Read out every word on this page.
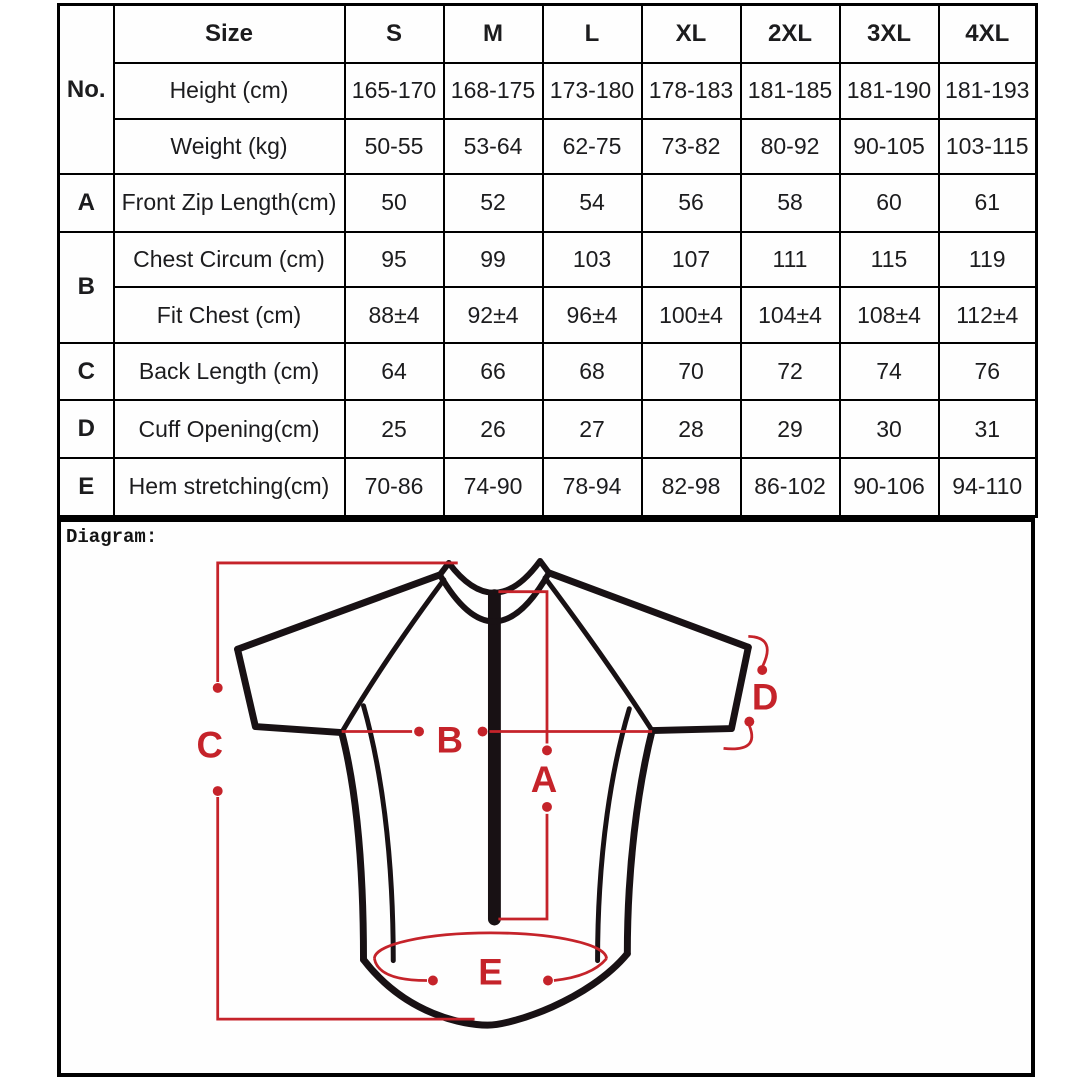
No.	Size	S	M	L	XL	2XL	3XL	4XL
	Height (cm)	165-170	168-175	173-180	178-183	181-185	181-190	181-193
	Weight (kg)	50-55	53-64	62-75	73-82	80-92	90-105	103-115
A	Front Zip Length(cm)	50	52	54	56	58	60	61
B	Chest Circum (cm)	95	99	103	107	111	115	119
	Fit Chest (cm)	88±4	92±4	96±4	100±4	104±4	108±4	112±4
C	Back Length (cm)	64	66	68	70	72	74	76
D	Cuff Opening(cm)	25	26	27	28	29	30	31
E	Hem stretching(cm)	70-86	74-90	78-94	82-98	86-102	90-106	94-110
Diagram:
C	B
A
D
E
